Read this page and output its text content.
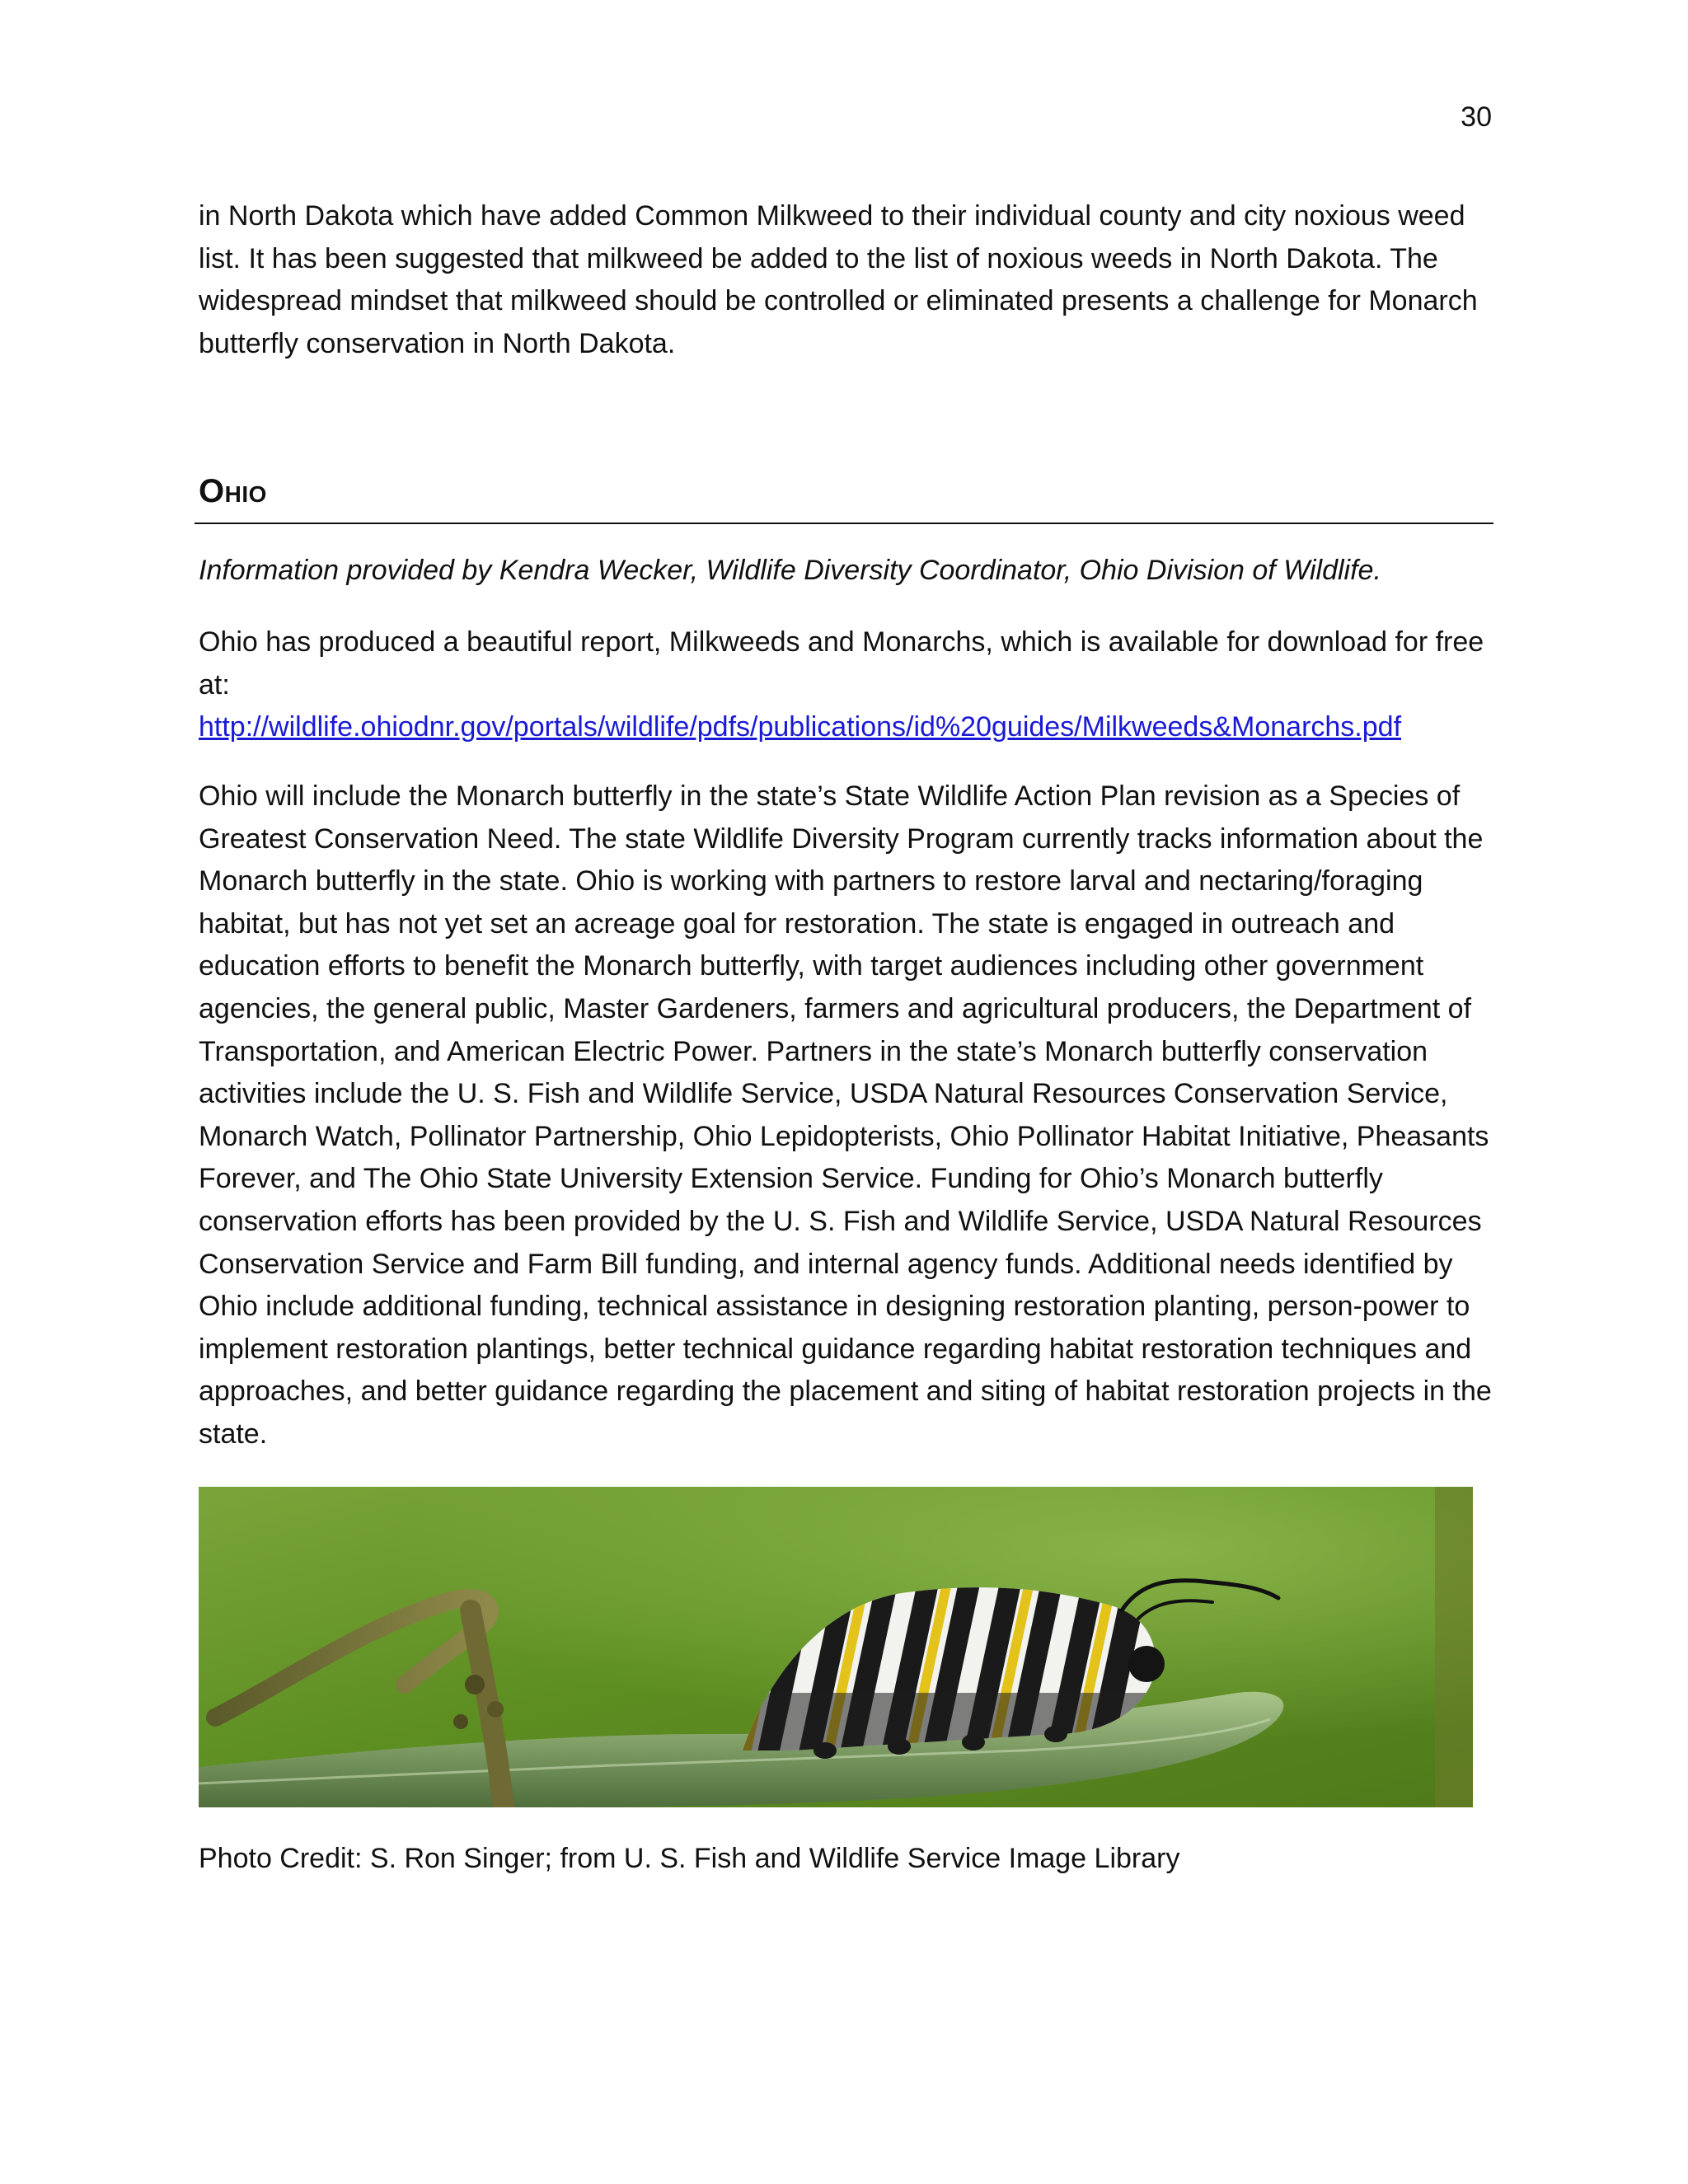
30

in North Dakota which have added Common Milkweed to their individual county and city noxious weed list. It has been suggested that milkweed be added to the list of noxious weeds in North Dakota. The widespread mindset that milkweed should be controlled or eliminated presents a challenge for Monarch butterfly conservation in North Dakota.

Ohio

Information provided by Kendra Wecker, Wildlife Diversity Coordinator, Ohio Division of Wildlife.

Ohio has produced a beautiful report, Milkweeds and Monarchs, which is available for download for free at:
http://wildlife.ohiodnr.gov/portals/wildlife/pdfs/publications/id%20guides/Milkweeds&Monarchs.pdf

Ohio will include the Monarch butterfly in the state’s State Wildlife Action Plan revision as a Species of Greatest Conservation Need. The state Wildlife Diversity Program currently tracks information about the Monarch butterfly in the state. Ohio is working with partners to restore larval and nectaring/foraging habitat, but has not yet set an acreage goal for restoration. The state is engaged in outreach and education efforts to benefit the Monarch butterfly, with target audiences including other government agencies, the general public, Master Gardeners, farmers and agricultural producers, the Department of Transportation, and American Electric Power. Partners in the state’s Monarch butterfly conservation activities include the U. S. Fish and Wildlife Service, USDA Natural Resources Conservation Service, Monarch Watch, Pollinator Partnership, Ohio Lepidopterists, Ohio Pollinator Habitat Initiative, Pheasants Forever, and The Ohio State University Extension Service. Funding for Ohio’s Monarch butterfly conservation efforts has been provided by the U. S. Fish and Wildlife Service, USDA Natural Resources Conservation Service and Farm Bill funding, and internal agency funds. Additional needs identified by Ohio include additional funding, technical assistance in designing restoration planting, person-power to implement restoration plantings, better technical guidance regarding habitat restoration techniques and approaches, and better guidance regarding the placement and siting of habitat restoration projects in the state.

Photo Credit: S. Ron Singer; from U. S. Fish and Wildlife Service Image Library
